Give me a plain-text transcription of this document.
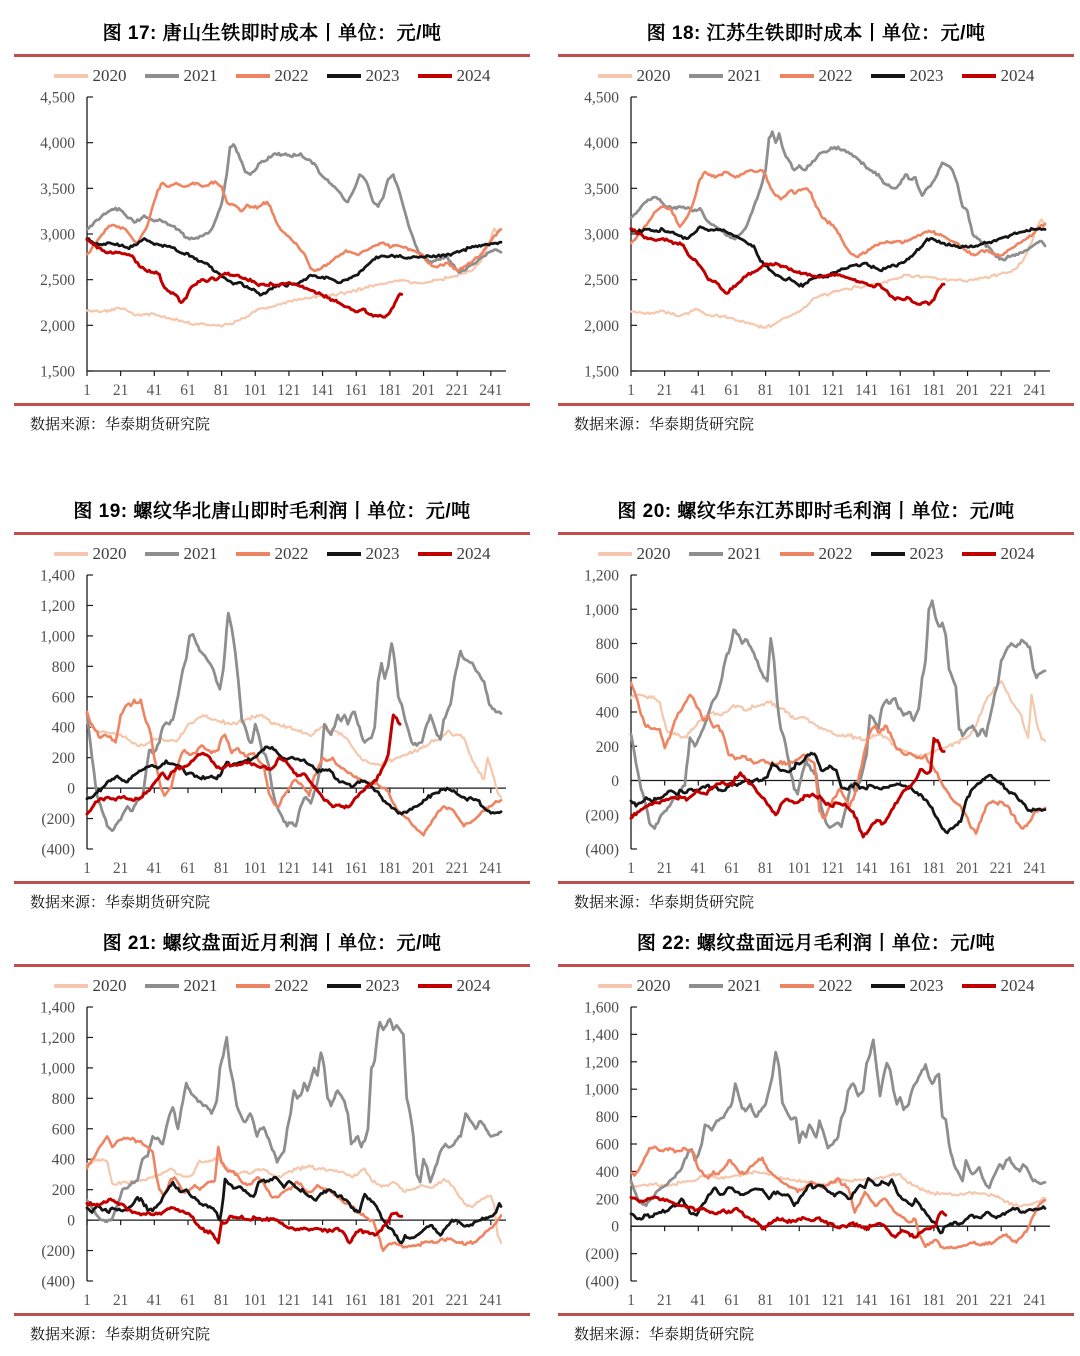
图 17: 唐山生铁即时成本丨单位：元/吨
2020	2021	2022	2023	2024
1,500
2,000
2,500
3,000
3,500
4,000
4,500
1 21 41 61 81 101 121 141 161 181 201 221 241
数据来源：华泰期货研究院
图 18: 江苏生铁即时成本丨单位：元/吨
2020	2021	2022	2023	2024
1,500
2,000
2,500
3,000
3,500
4,000
4,500
1 21 41 61 81 101 121 141 161 181 201 221 241
数据来源：华泰期货研究院
图 19: 螺纹华北唐山即时毛利润丨单位：元/吨
2020	2021	2022	2023	2024
(400)
(200)
0
200
400
600
800
1,000
1,200
1,400
1 21 41 61 81 101 121 141 161 181 201 221 241
数据来源：华泰期货研究院
图 20: 螺纹华东江苏即时毛利润丨单位：元/吨
2020	2021	2022	2023	2024
(400)
(200)
0
200
400
600
800
1,000
1,200
1 21 41 61 81 101 121 141 161 181 201 221 241
数据来源：华泰期货研究院
图 21: 螺纹盘面近月利润丨单位：元/吨
2020	2021	2022	2023	2024
(400)
(200)
0
200
400
600
800
1,000
1,200
1,400
1 21 41 61 81 101 121 141 161 181 201 221 241
数据来源：华泰期货研究院
图 22: 螺纹盘面远月毛利润丨单位：元/吨
2020	2021	2022	2023	2024
(400)
(200)
0
200
400
600
800
1,000
1,200
1,400
1,600
1 21 41 61 81 101 121 141 161 181 201 221 241
数据来源：华泰期货研究院
